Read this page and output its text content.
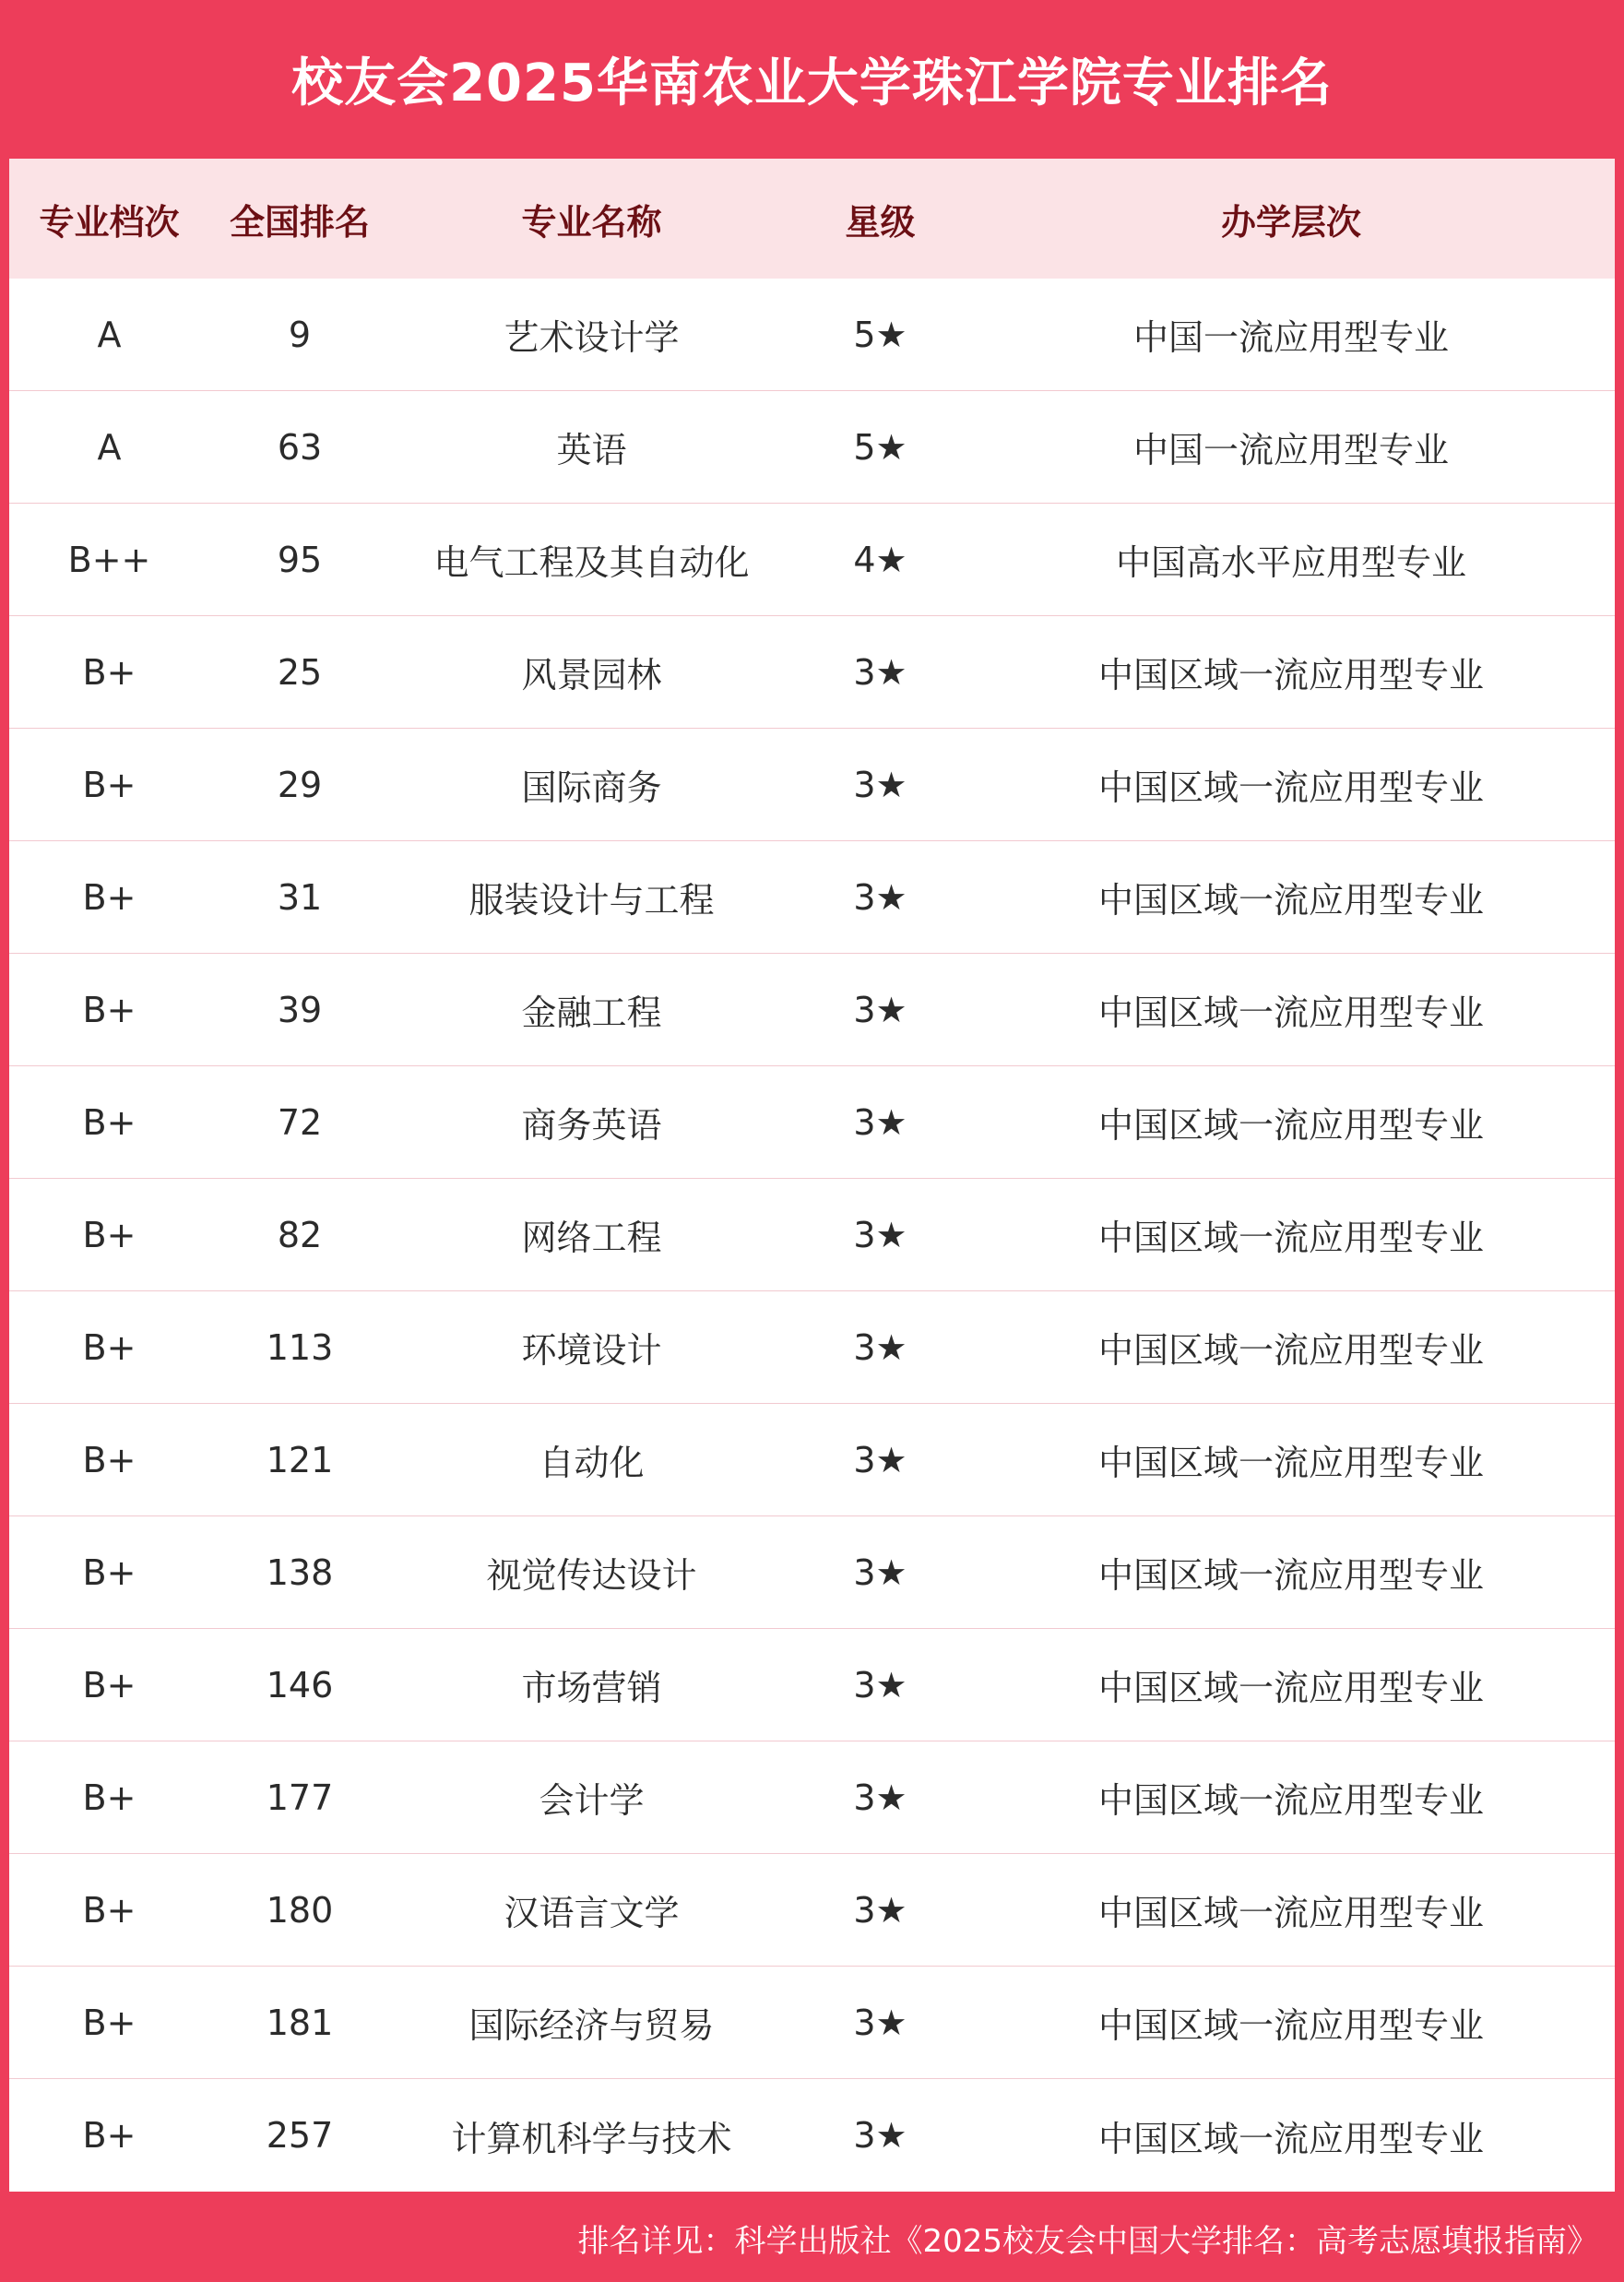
校友会2025华南农业大学珠江学院专业排名
专业档次	全国排名	专业名称	星级	办学层次
A	9	艺术设计学	5★	中国一流应用型专业
A	63	英语	5★	中国一流应用型专业
B++	95	电气工程及其自动化	4★	中国高水平应用型专业
B+	25	风景园林	3★	中国区域一流应用型专业
B+	29	国际商务	3★	中国区域一流应用型专业
B+	31	服装设计与工程	3★	中国区域一流应用型专业
B+	39	金融工程	3★	中国区域一流应用型专业
B+	72	商务英语	3★	中国区域一流应用型专业
B+	82	网络工程	3★	中国区域一流应用型专业
B+	113	环境设计	3★	中国区域一流应用型专业
B+	121	自动化	3★	中国区域一流应用型专业
B+	138	视觉传达设计	3★	中国区域一流应用型专业
B+	146	市场营销	3★	中国区域一流应用型专业
B+	177	会计学	3★	中国区域一流应用型专业
B+	180	汉语言文学	3★	中国区域一流应用型专业
B+	181	国际经济与贸易	3★	中国区域一流应用型专业
B+	257	计算机科学与技术	3★	中国区域一流应用型专业
排名详见：科学出版社《2025校友会中国大学排名：高考志愿填报指南》
